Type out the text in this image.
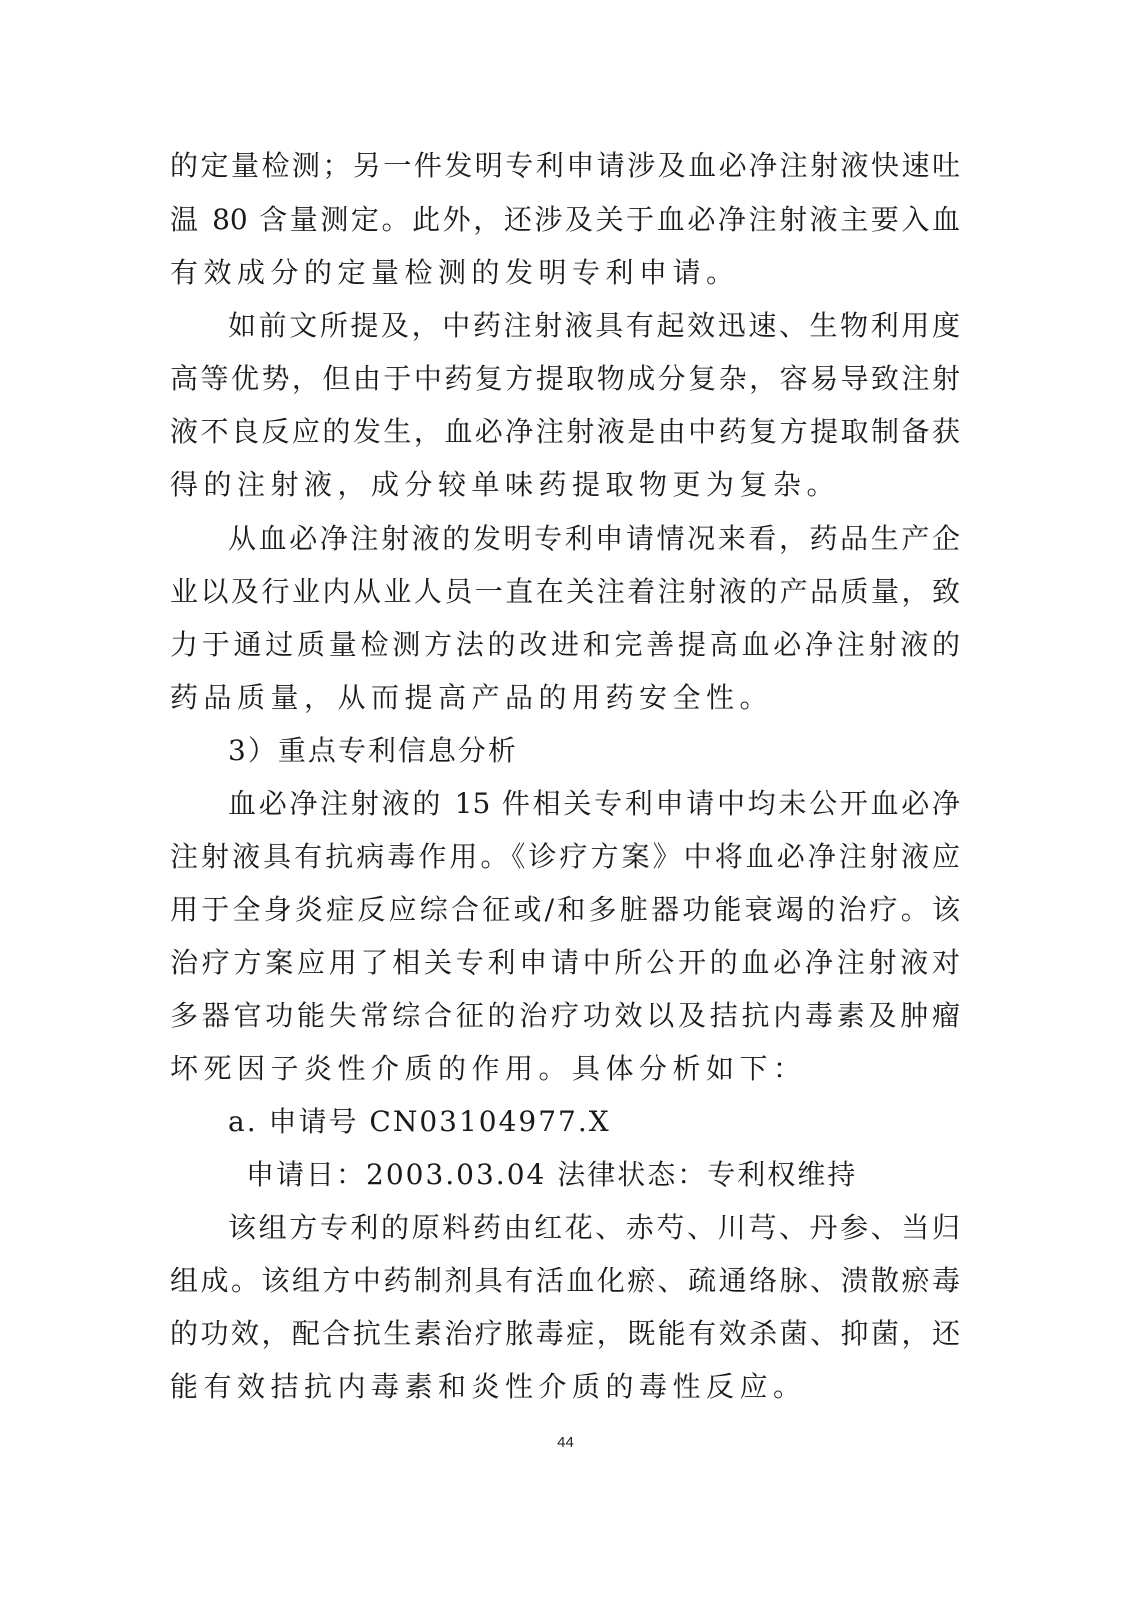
的定量检测；另一件发明专利申请涉及血必净注射液快速吐
温 80 含量测定。此外，还涉及关于血必净注射液主要入血
有效成分的定量检测的发明专利申请。
如前文所提及，中药注射液具有起效迅速、生物利用度
高等优势，但由于中药复方提取物成分复杂，容易导致注射
液不良反应的发生，血必净注射液是由中药复方提取制备获
得的注射液，成分较单味药提取物更为复杂。
从血必净注射液的发明专利申请情况来看，药品生产企
业以及行业内从业人员一直在关注着注射液的产品质量，致
力于通过质量检测方法的改进和完善提高血必净注射液的
药品质量，从而提高产品的用药安全性。
3）重点专利信息分析
血必净注射液的 15 件相关专利申请中均未公开血必净
注射液具有抗病毒作用。《诊疗方案》中将血必净注射液应
用于全身炎症反应综合征或/和多脏器功能衰竭的治疗。该
治疗方案应用了相关专利申请中所公开的血必净注射液对
多器官功能失常综合征的治疗功效以及拮抗内毒素及肿瘤
坏死因子炎性介质的作用。具体分析如下：
a. 申请号 CN03104977.X
申请日：2003.03.04 法律状态：专利权维持
该组方专利的原料药由红花、赤芍、川芎、丹参、当归
组成。该组方中药制剂具有活血化瘀、疏通络脉、溃散瘀毒
的功效，配合抗生素治疗脓毒症，既能有效杀菌、抑菌，还
能有效拮抗内毒素和炎性介质的毒性反应。
44
